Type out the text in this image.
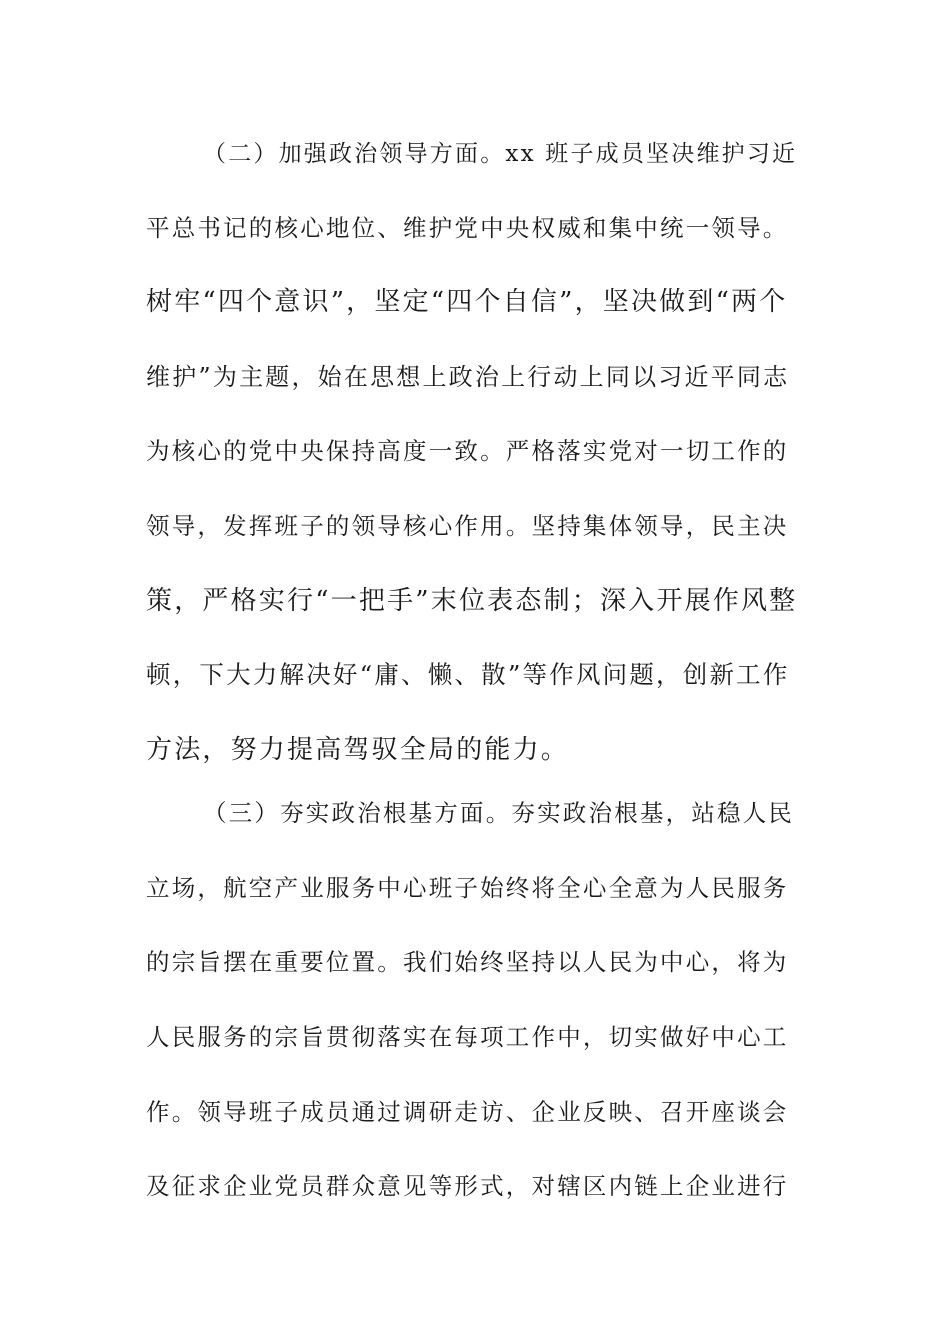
（二）加强政治领导方面。xx 班子成员坚决维护习近
平总书记的核心地位、维护党中央权威和集中统一领导。
树牢“四个意识”，坚定“四个自信”，坚决做到“两个
维护”为主题，始在思想上政治上行动上同以习近平同志
为核心的党中央保持高度一致。严格落实党对一切工作的
领导，发挥班子的领导核心作用。坚持集体领导，民主决
策，严格实行“一把手”末位表态制；深入开展作风整
顿，下大力解决好“庸、懒、散”等作风问题，创新工作
方法，努力提高驾驭全局的能力。
（三）夯实政治根基方面。夯实政治根基，站稳人民
立场，航空产业服务中心班子始终将全心全意为人民服务
的宗旨摆在重要位置。我们始终坚持以人民为中心，将为
人民服务的宗旨贯彻落实在每项工作中，切实做好中心工
作。领导班子成员通过调研走访、企业反映、召开座谈会
及征求企业党员群众意见等形式，对辖区内链上企业进行
